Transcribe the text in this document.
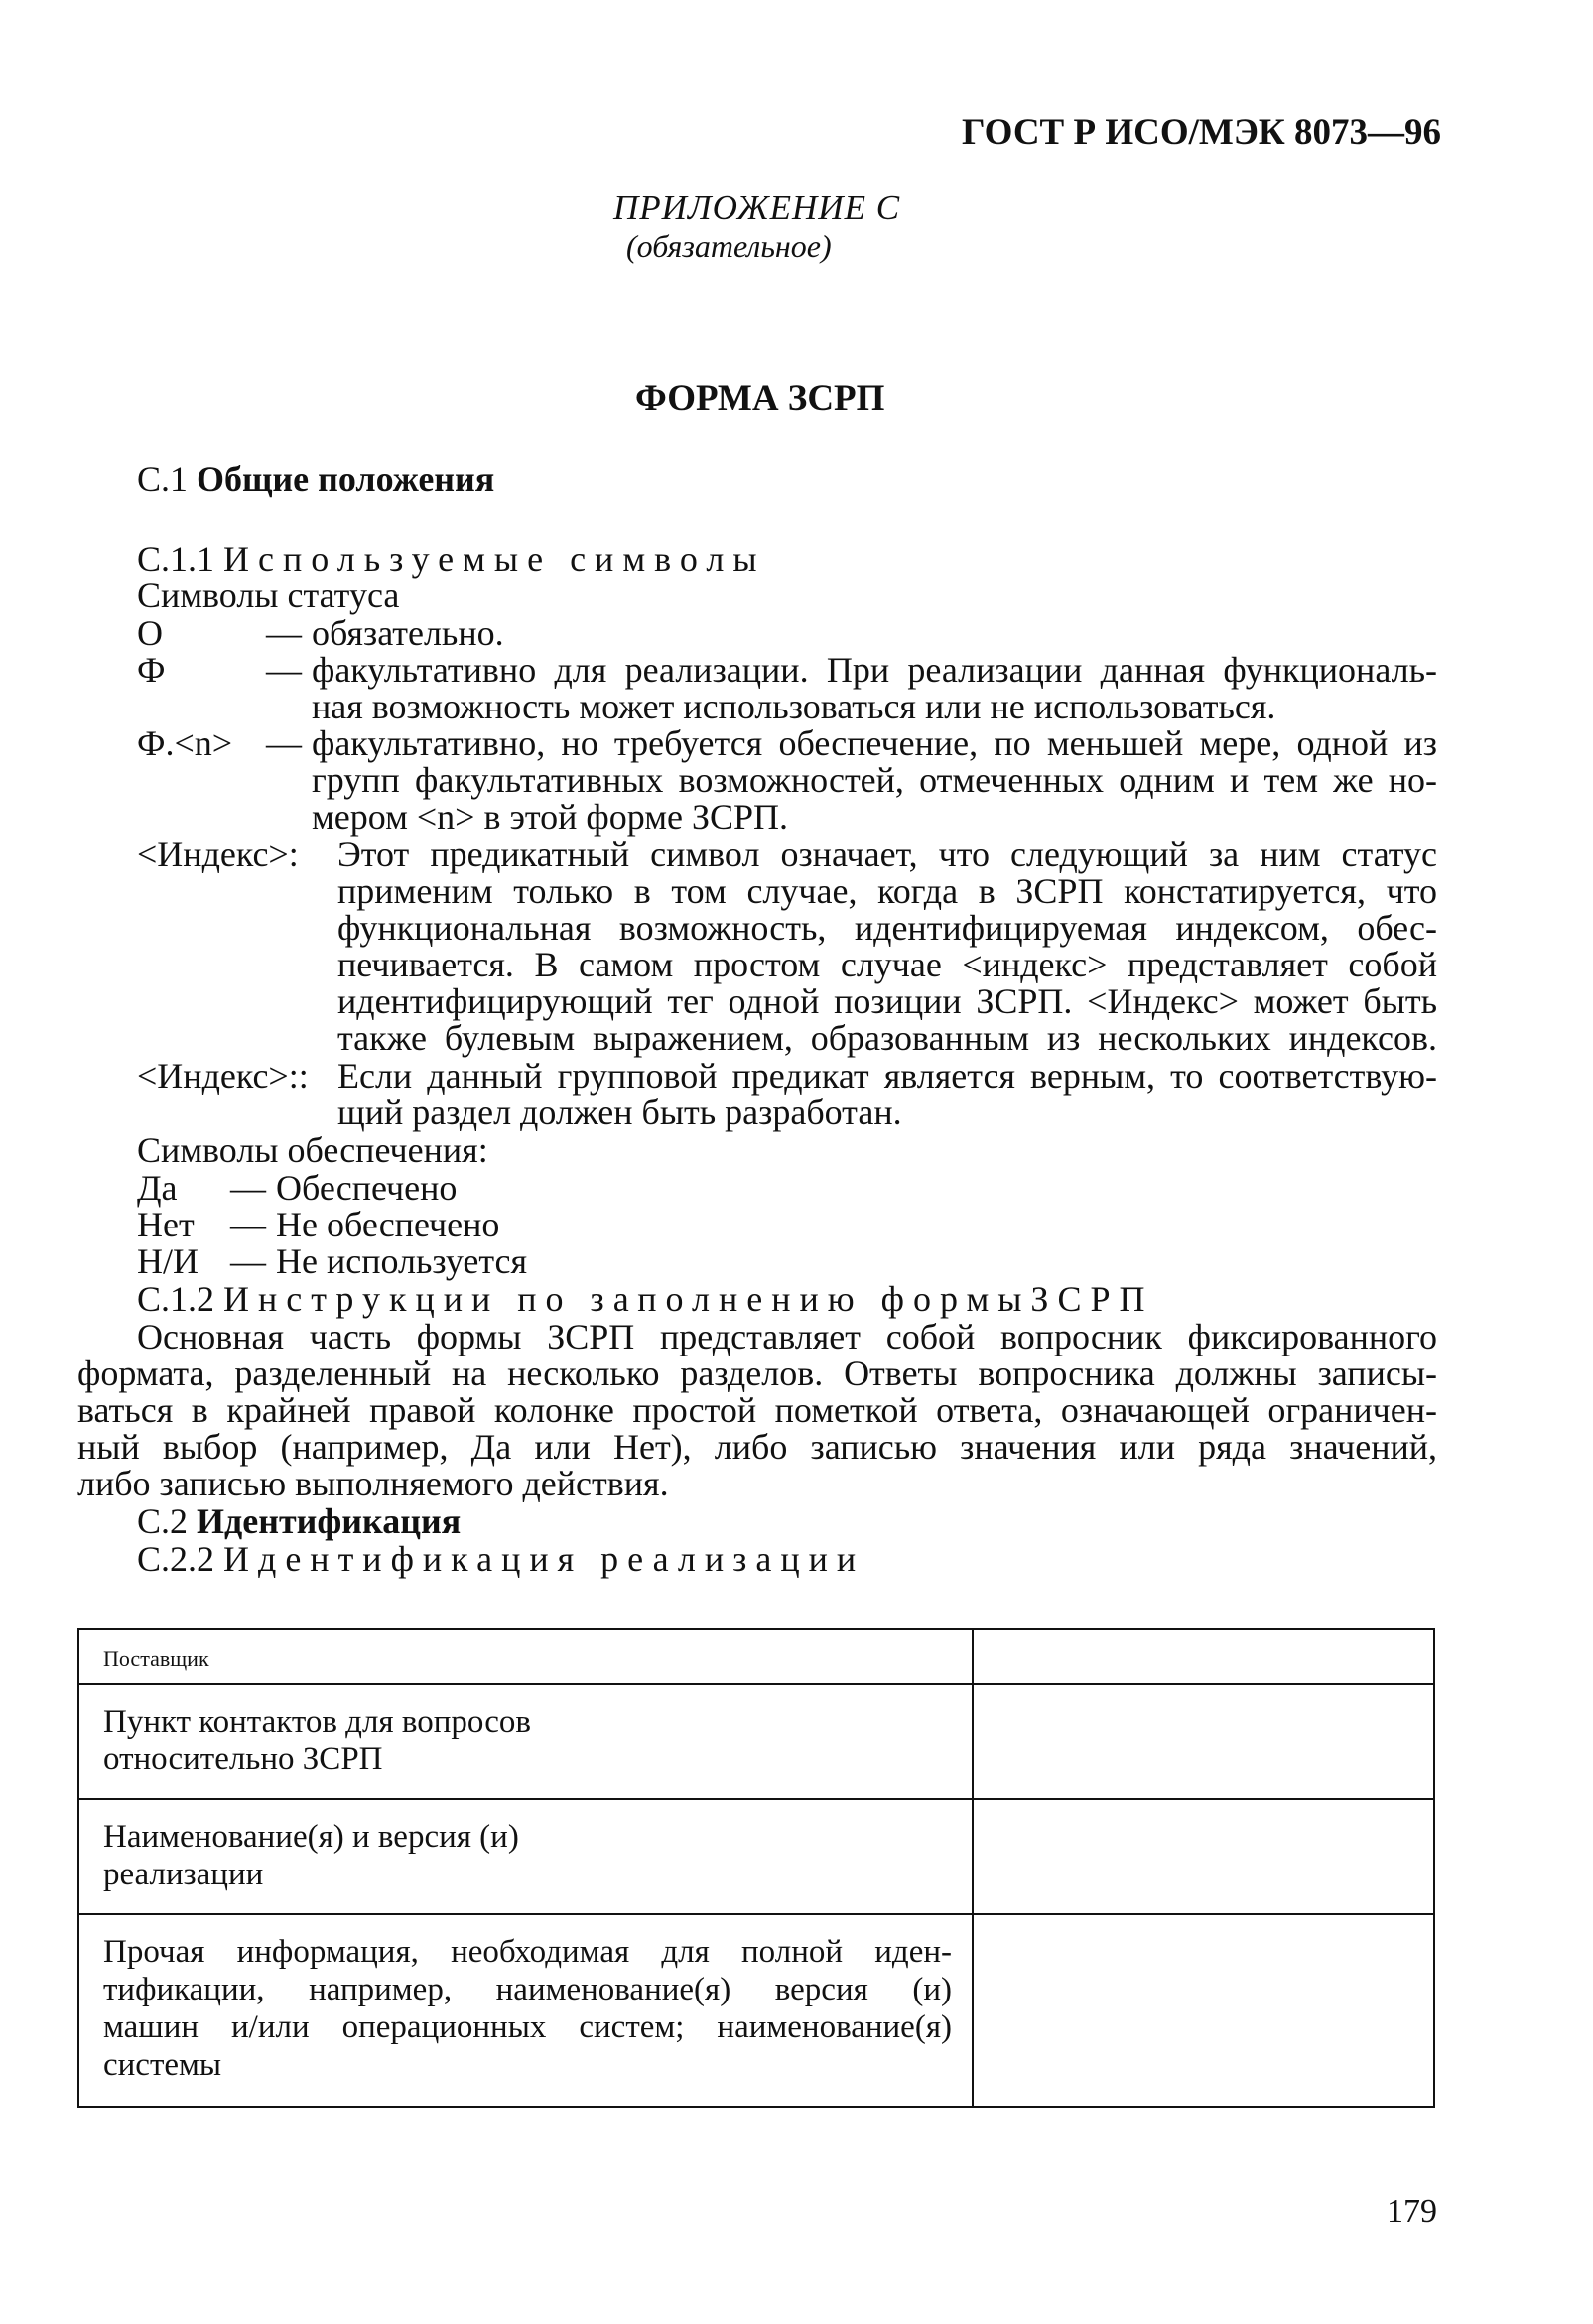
ГОСТ Р ИСО/МЭК 8073—96
ПРИЛОЖЕНИЕ С
(обязательное)
ФОРМА ЗСРП
С.1 Общие положения
С.1.1 Используемые символы
Символы статуса
О	— обязательно.
Ф	— факультативно для реализации. При реализации данная функциональ-
ная возможность может использоваться или не использоваться.
Ф.<n> — факультативно, но требуется обеспечение, по меньшей мере, одной из
групп факультативных возможностей, отмеченных одним и тем же но-
мером <n> в этой форме ЗСРП.
<Индекс>: Этот предикатный символ означает, что следующий за ним статус
применим только в том случае, когда в ЗСРП констатируется, что
функциональная возможность, идентифицируемая индексом, обес-
печивается. В самом простом случае <индекс> представляет собой
идентифицирующий тег одной позиции ЗСРП. <Индекс> может быть
также булевым выражением, образованным из нескольких индексов.
<Индекс>:: Если данный групповой предикат является верным, то соответствую-
щий раздел должен быть разработан.
Символы обеспечения:
Да — Обеспечено
Нет — Не обеспечено
Н/И — Не используется
С.1.2 Инструкции по заполнению формыЗСРП
Основная часть формы ЗСРП представляет собой вопросник фиксированного
формата, разделенный на несколько разделов. Ответы вопросника должны записы-
ваться в крайней правой колонке простой пометкой ответа, означающей ограничен-
ный выбор (например, Да или Нет), либо записью значения или ряда значений,
либо записью выполняемого действия.
С.2 Идентификация
С.2.2 Идентификация реализации
Поставщик	

Пункт контактов для вопросов
относительно ЗСРП	

Наименование(я) и версия (и)
реализации	

Прочая информация, необходимая для полной иден-
тификации, например, наименование(я) версия (и)
машин и/или операционных систем; наименование(я)
системы	

179
